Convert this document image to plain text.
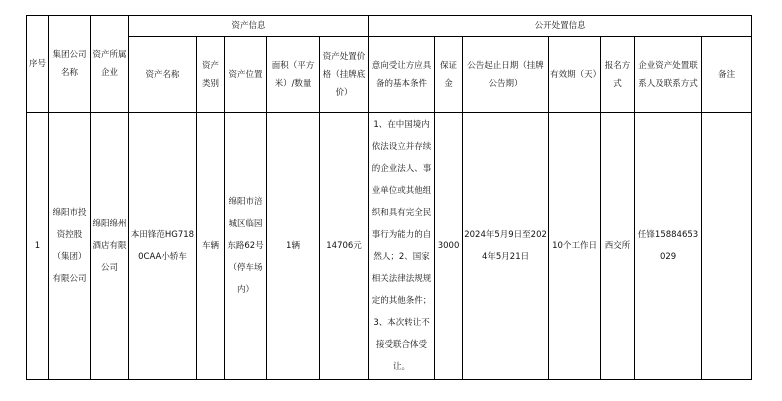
序号	集团公司名称	资产所属企业	资产信息					公开处置信息						
			资产名称	资产类别	资产位置	面积（平方米）/数量	资产处置价格（挂牌底价）	意向受让方应具备的基本条件	保证金	公告起止日期（挂牌公告期）	有效期（天）	报名方式	企业资产处置联系人及联系方式	备注
1	绵阳市投资控股（集团）有限公司	绵阳绵州酒店有限公司	本田锋范HG7180CAA小轿车	车辆	绵阳市涪城区临园东路62号（停车场内）	1辆	14706元	1、在中国境内依法设立并存续的企业法人、事业单位或其他组织和具有完全民事行为能力的自然人；2、国家相关法律法规规定的其他条件；3、本次转让不接受联合体受让。	3000	2024年5月9日至2024年5月21日	10个工作日	西交所	任锋15884653029	
